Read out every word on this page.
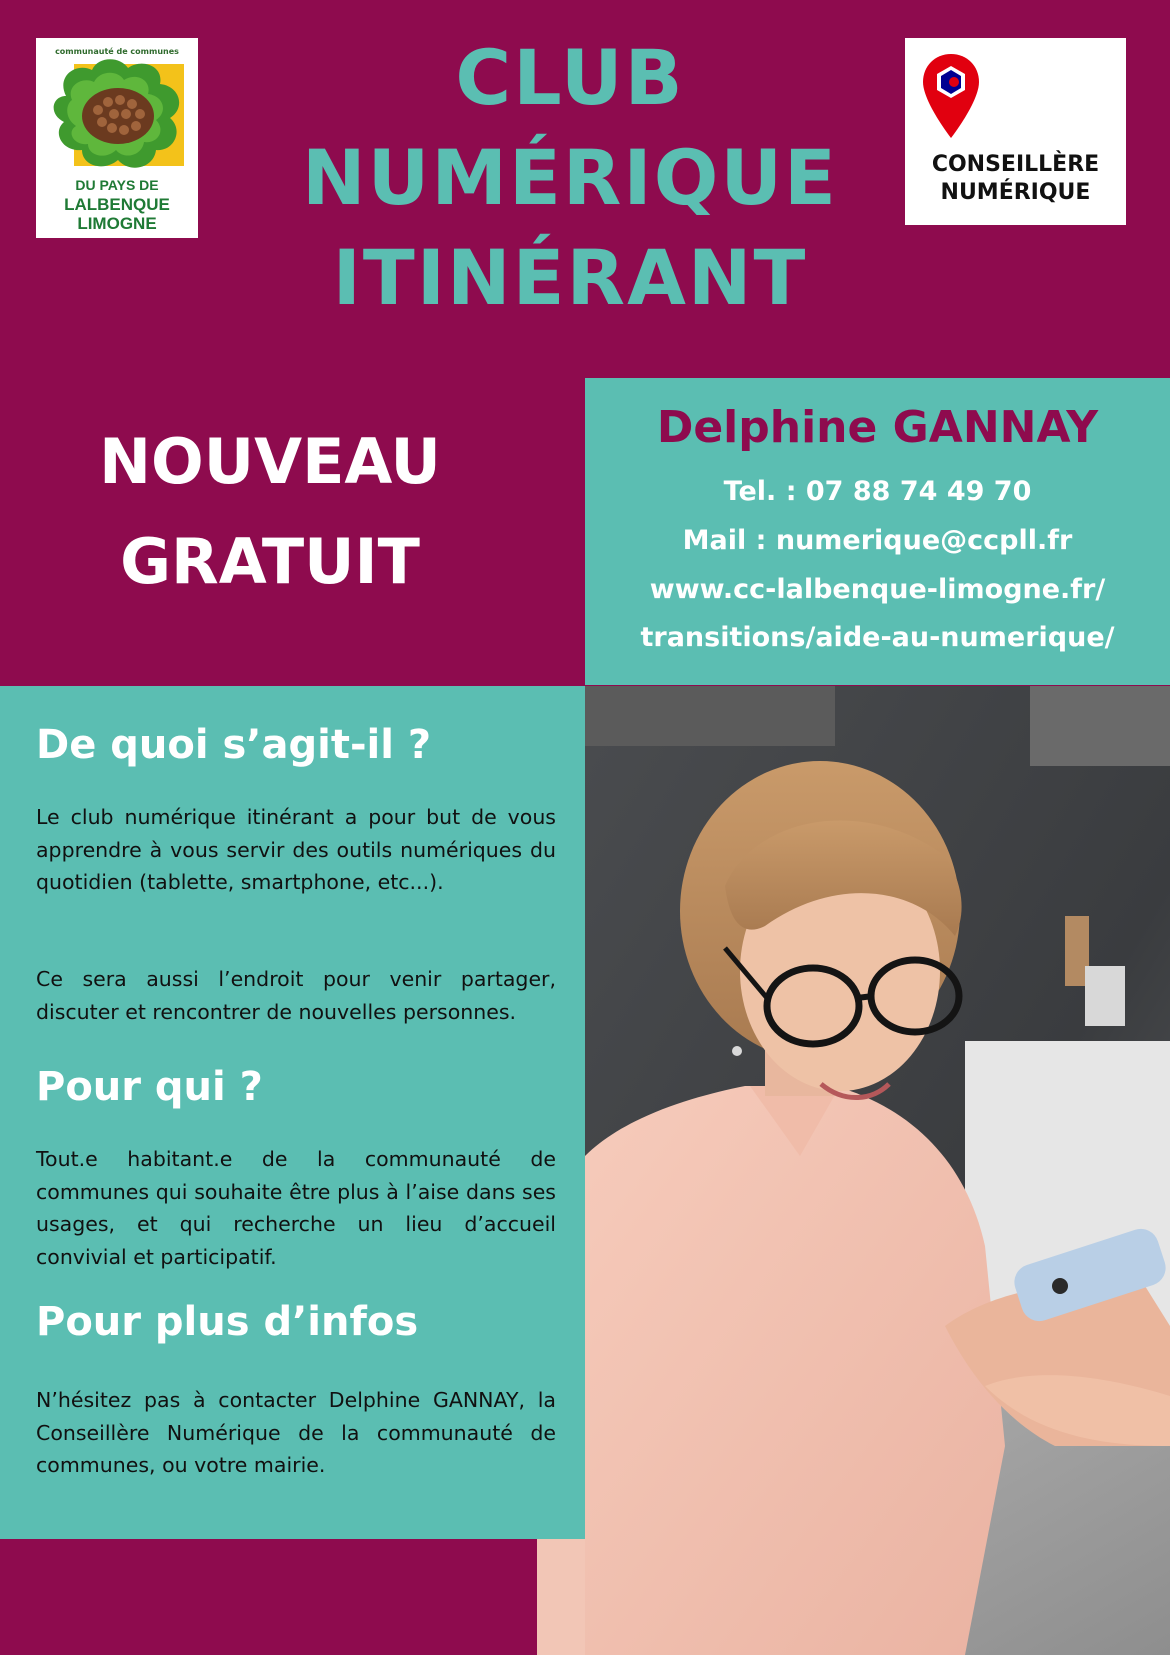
CLUB
NUMÉRIQUE
ITINÉRANT
communauté de communes
DU PAYS DE
LALBENQUE
LIMOGNE
CONSEILLÈRE
NUMÉRIQUE
NOUVEAU
GRATUIT
Delphine GANNAY
Tel. : 07 88 74 49 70
Mail : numerique@ccpll.fr
www.cc-lalbenque-limogne.fr/
transitions/aide-au-numerique/
De quoi s’agit-il ?

Le club numérique itinérant a pour but de vous apprendre à vous servir des outils numériques du quotidien (tablette, smartphone, etc...).

Ce sera aussi l’endroit pour venir partager, discuter et rencontrer de nouvelles personnes.

Pour qui ?

Tout.e habitant.e de la communauté de communes qui souhaite être plus à l’aise dans ses usages, et qui recherche un lieu d’accueil convivial et participatif.

Pour plus d’infos

N’hésitez pas à contacter Delphine GANNAY, la Conseillère Numérique de la communauté de communes, ou votre mairie.
